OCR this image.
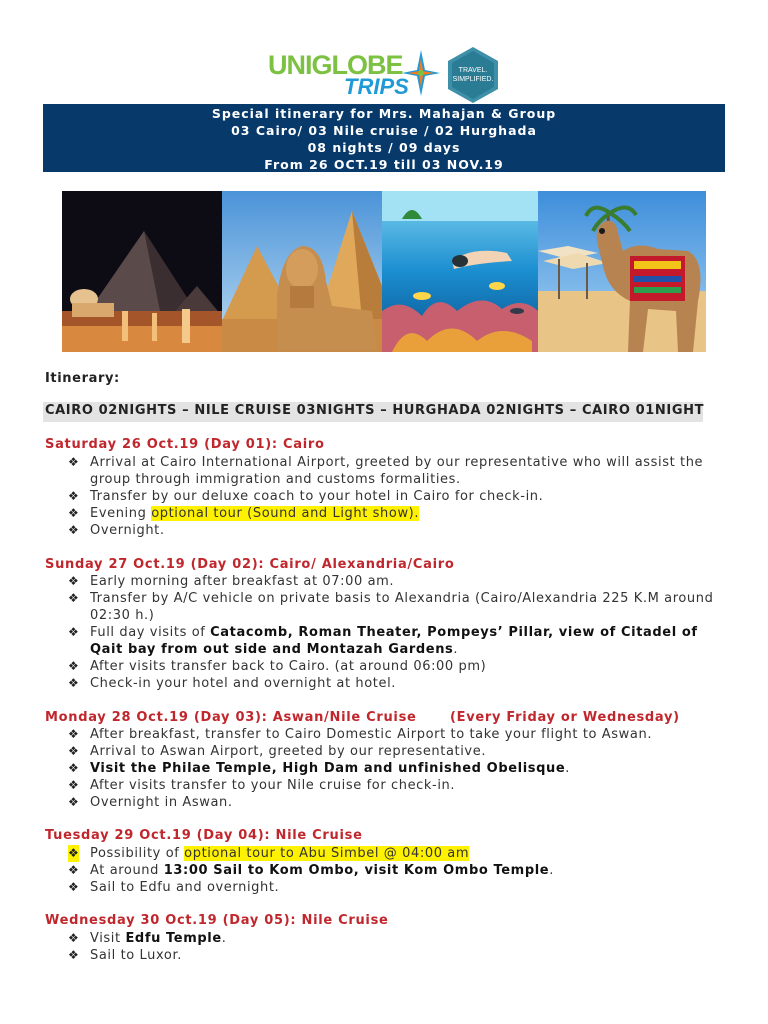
UNIGLOBE
TRIPS
TRAVEL.
SIMPLIFIED.
Special itinerary for Mrs. Mahajan & Group
03 Cairo/ 03 Nile cruise / 02 Hurghada
08 nights / 09 days
From 26 OCT.19 till 03 NOV.19
Itinerary:
CAIRO 02NIGHTS – NILE CRUISE 03NIGHTS – HURGHADA 02NIGHTS – CAIRO 01NIGHT
Saturday 26 Oct.19 (Day 01): Cairo
❖ Arrival at Cairo International Airport, greeted by our representative who will assist the group through immigration and customs formalities.
❖ Transfer by our deluxe coach to your hotel in Cairo for check-in.
❖ Evening optional tour (Sound and Light show).
❖ Overnight.
Sunday 27 Oct.19 (Day 02): Cairo/ Alexandria/Cairo
❖ Early morning after breakfast at 07:00 am.
❖ Transfer by A/C vehicle on private basis to Alexandria (Cairo/Alexandria 225 K.M around 02:30 h.)
❖ Full day visits of Catacomb, Roman Theater, Pompeys’ Pillar, view of Citadel of Qait bay from out side and Montazah Gardens.
❖ After visits transfer back to Cairo. (at around 06:00 pm)
❖ Check-in your hotel and overnight at hotel.
Monday 28 Oct.19 (Day 03): Aswan/Nile Cruise	(Every Friday or Wednesday)
❖ After breakfast, transfer to Cairo Domestic Airport to take your flight to Aswan.
❖ Arrival to Aswan Airport, greeted by our representative.
❖ Visit the Philae Temple, High Dam and unfinished Obelisque.
❖ After visits transfer to your Nile cruise for check-in.
❖ Overnight in Aswan.
Tuesday 29 Oct.19 (Day 04): Nile Cruise
❖ Possibility of optional tour to Abu Simbel @ 04:00 am
❖ At around 13:00 Sail to Kom Ombo, visit Kom Ombo Temple.
❖ Sail to Edfu and overnight.
Wednesday 30 Oct.19 (Day 05): Nile Cruise
❖ Visit Edfu Temple.
❖ Sail to Luxor.
